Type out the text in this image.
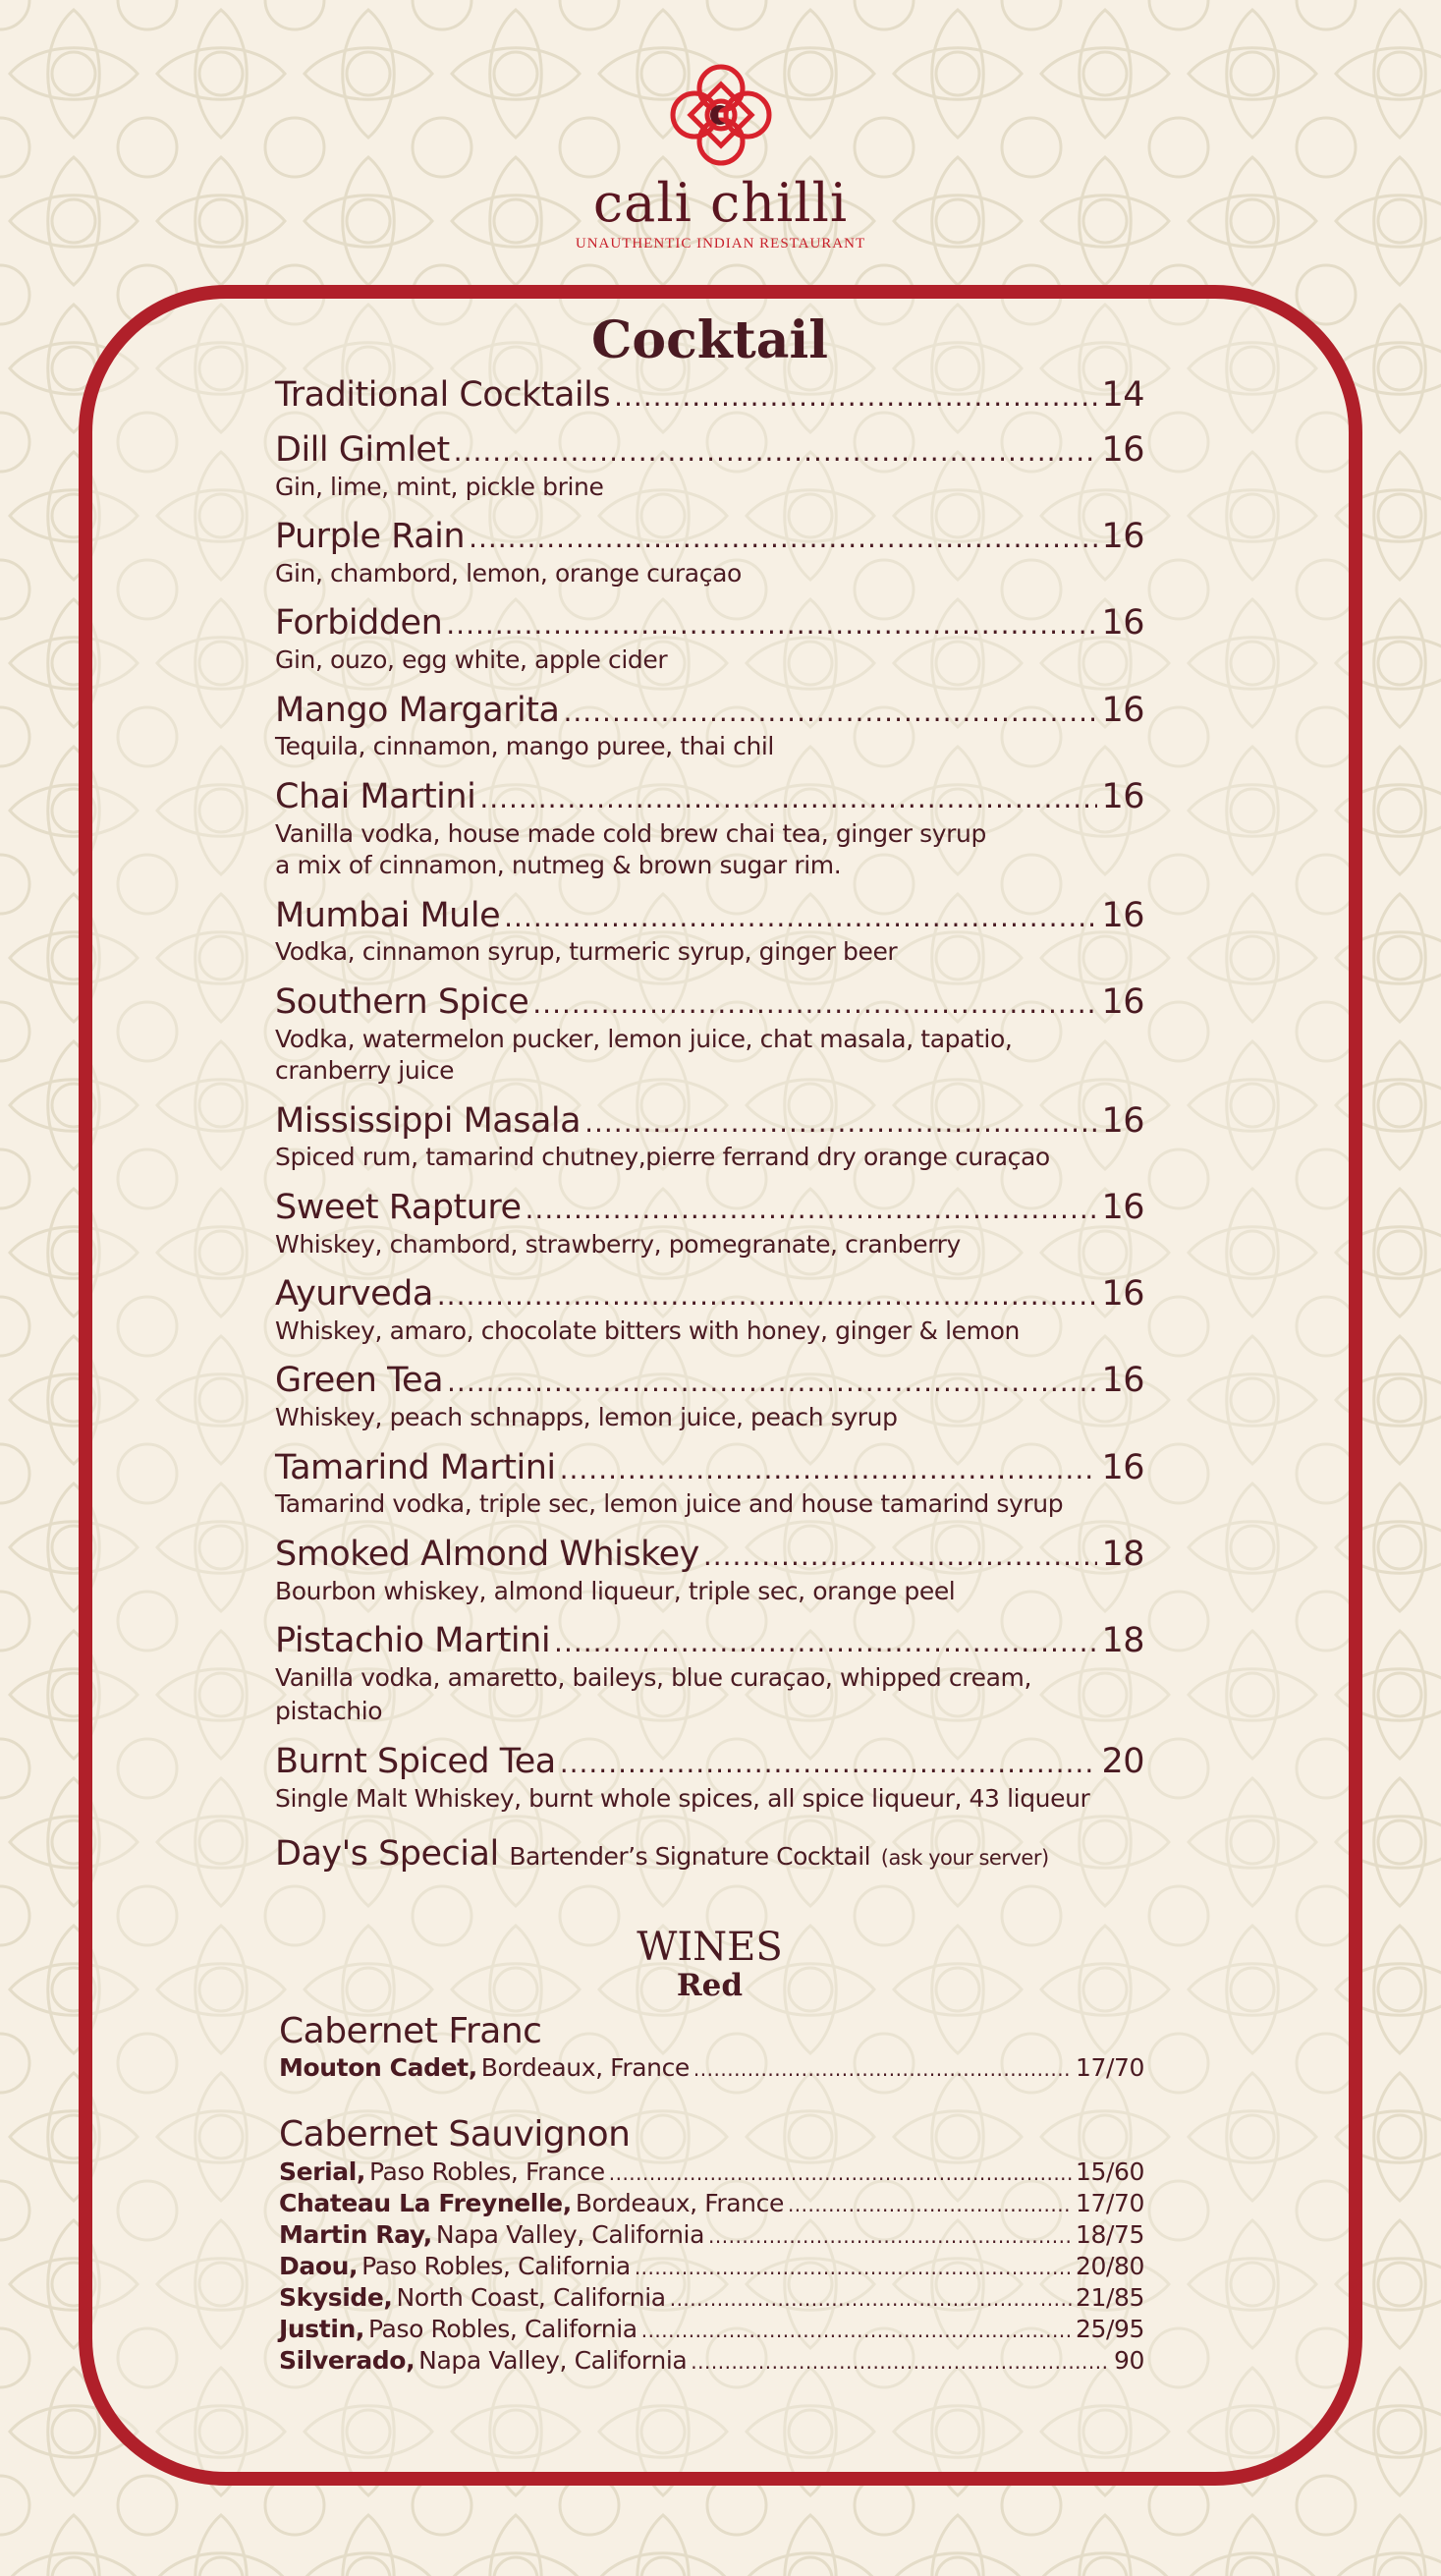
cali chilli
UNAUTHENTIC INDIAN RESTAURANT
Cocktail
Traditional Cocktails .....	14
Dill Gimlet .....	16
Gin, lime, mint, pickle brine
Purple Rain .....	16
Gin, chambord, lemon, orange curaçao
Forbidden .....	16
Gin, ouzo, egg white, apple cider
Mango Margarita .....	16
Tequila, cinnamon, mango puree, thai chil
Chai Martini .....	16
Vanilla vodka, house made cold brew chai tea, ginger syrup
a mix of cinnamon, nutmeg & brown sugar rim.
Mumbai Mule .....	16
Vodka, cinnamon syrup, turmeric syrup, ginger beer
Southern Spice .....	16
Vodka, watermelon pucker, lemon juice, chat masala, tapatio,
cranberry juice
Mississippi Masala .....	16
Spiced rum, tamarind chutney,pierre ferrand dry orange curaçao
Sweet Rapture .....	16
Whiskey, chambord, strawberry, pomegranate, cranberry
Ayurveda .....	16
Whiskey, amaro, chocolate bitters with honey, ginger & lemon
Green Tea .....	16
Whiskey, peach schnapps, lemon juice, peach syrup
Tamarind Martini .....	16
Tamarind vodka, triple sec, lemon juice and house tamarind syrup
Smoked Almond Whiskey .....	18
Bourbon whiskey, almond liqueur, triple sec, orange peel
Pistachio Martini .....	18
Vanilla vodka, amaretto, baileys, blue curaçao, whipped cream, pistachio
Burnt Spiced Tea .....	20
Single Malt Whiskey, burnt whole spices, all spice liqueur, 43 liqueur
Day's Special Bartender’s Signature Cocktail (ask your server)
WINES
Red
Cabernet Franc
Mouton Cadet, Bordeaux, France .....	17/70
Cabernet Sauvignon
Serial, Paso Robles, France .....	15/60
Chateau La Freynelle, Bordeaux, France .....	17/70
Martin Ray, Napa Valley, California .....	18/75
Daou, Paso Robles, California .....	20/80
Skyside, North Coast, California .....	21/85
Justin, Paso Robles, California .....	25/95
Silverado, Napa Valley, California .....	90
